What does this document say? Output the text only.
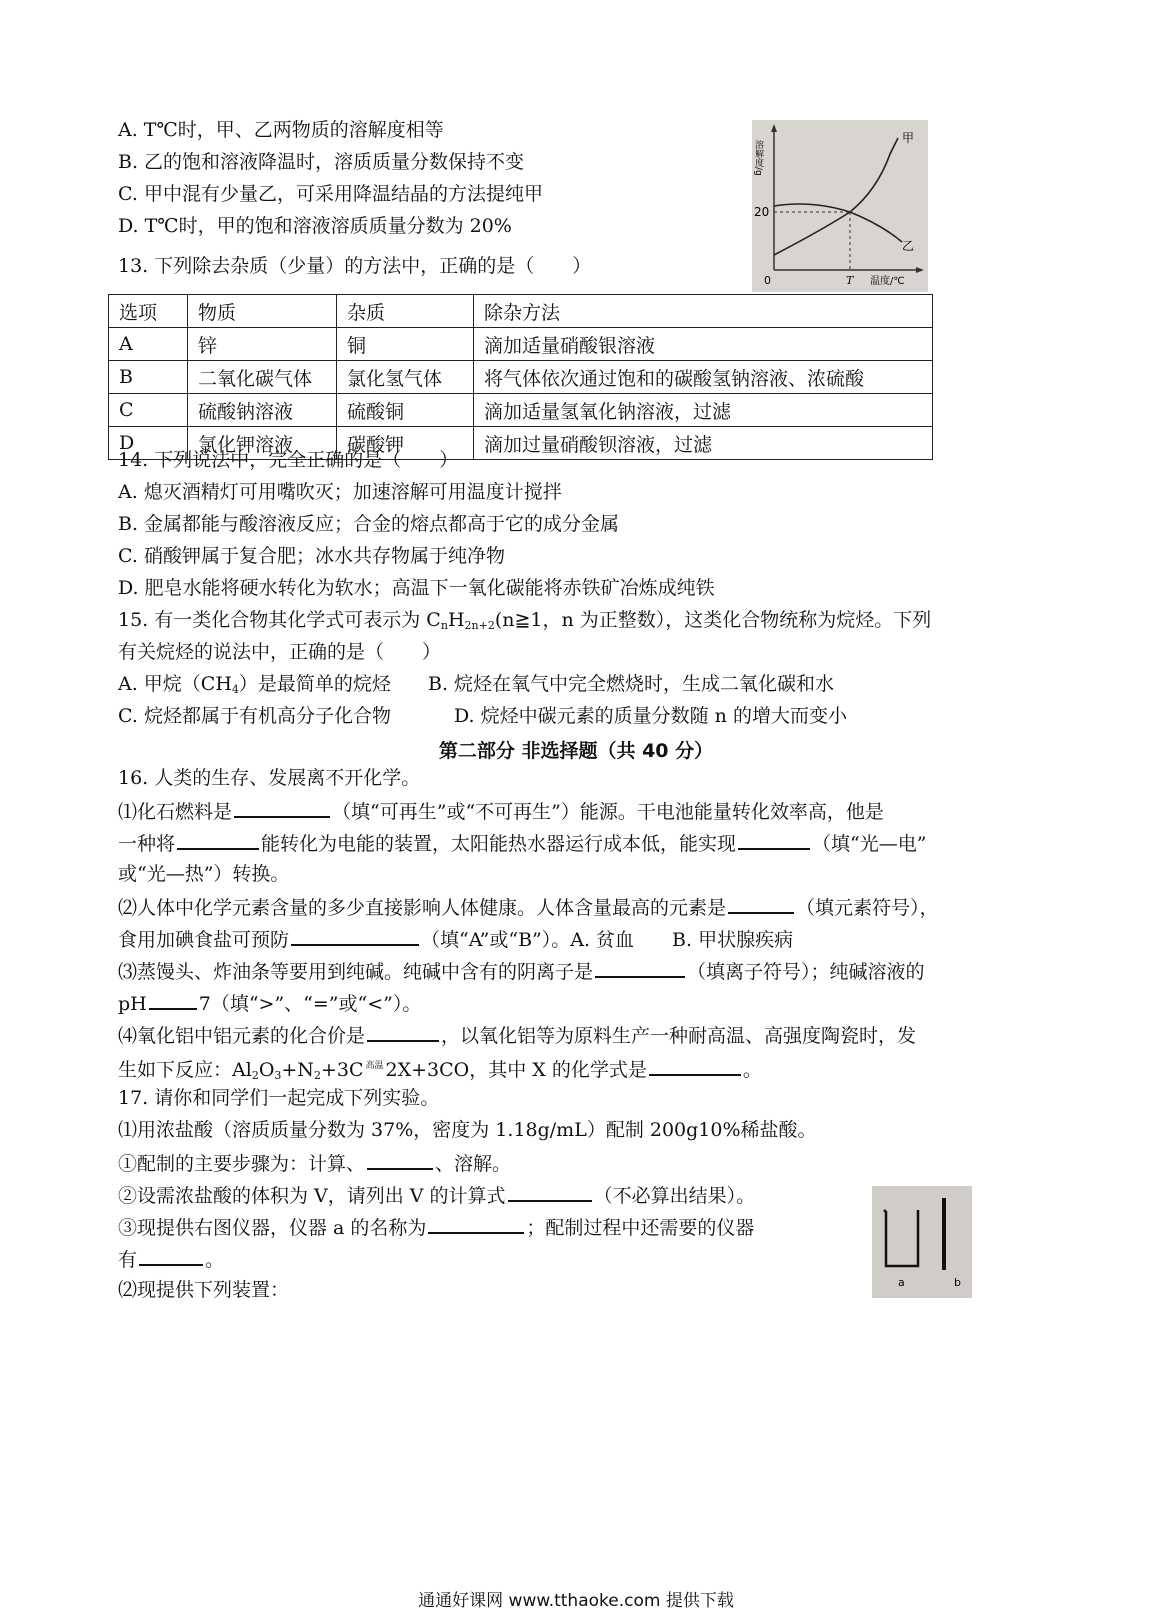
A. T℃时，甲、乙两物质的溶解度相等
B. 乙的饱和溶液降温时，溶质质量分数保持不变
C. 甲中混有少量乙，可采用降温结晶的方法提纯甲
D. T℃时，甲的饱和溶液溶质质量分数为 20%
溶解度/g
20
0	T 温度/℃
甲
乙
13. 下列除去杂质（少量）的方法中，正确的是（　　）
选项	物质	杂质	除杂方法
A	锌	铜	滴加适量硝酸银溶液
B	二氧化碳气体	氯化氢气体	将气体依次通过饱和的碳酸氢钠溶液、浓硫酸
C	硫酸钠溶液	硫酸铜	滴加适量氢氧化钠溶液，过滤
D	氯化钾溶液	碳酸钾	滴加过量硝酸钡溶液，过滤
14. 下列说法中，完全正确的是（　　）
A. 熄灭酒精灯可用嘴吹灭；加速溶解可用温度计搅拌
B. 金属都能与酸溶液反应；合金的熔点都高于它的成分金属
C. 硝酸钾属于复合肥；冰水共存物属于纯净物
D. 肥皂水能将硬水转化为软水；高温下一氧化碳能将赤铁矿冶炼成纯铁
15. 有一类化合物其化学式可表示为 $C_nH_{2n+2}(n≧1$，n 为正整数），这类化合物统称为烷烃。下列
有关烷烃的说法中，正确的是（　　）
A. 甲烷$(CH_4)$是最简单的烷烃 B. 烷烃在氧气中完全燃烧时，生成二氧化碳和水
C. 烷烃都属于有机高分子化合物	D. 烷烃中碳元素的质量分数随 n 的增大而变小
第二部分 非选择题（共 40 分）
16. 人类的生存、发展离不开化学。
⑴化石燃料是	（填“可再生”或“不可再生”）能源。干电池能量转化效率高，他是
一种将	能转化为电能的装置，太阳能热水器运行成本低，能实现	（填“光—电”
或“光—热”）转换。
⑵人体中化学元素含量的多少直接影响人体健康。人体含量最高的元素是	（填元素符号），
食用加碘食盐可预防	（填“A”或“B”）。A. 贫血　　B. 甲状腺疾病
⑶蒸馒头、炸油条等要用到纯碱。纯碱中含有的阴离子是	（填离子符号）；纯碱溶液的
pH	7（填“>”、“=”或“<”）。
⑷氧化铝中铝元素的化合价是	，以氧化铝等为原料生产一种耐高温、高强度陶瓷时，发
生如下反应：$Al_2O_3+N_2+3C$ $^{高温}$ 2X+3CO，其中 X 的化学式是	。
17. 请你和同学们一起完成下列实验。
⑴用浓盐酸（溶质质量分数为 37%，密度为 1.18g/mL）配制 200g10%稀盐酸。
①配制的主要步骤为：计算、	、溶解。
②设需浓盐酸的体积为 V，请列出 V 的计算式	（不必算出结果）。
③现提供右图仪器，仪器 a 的名称为	；配制过程中还需要的仪器
有	。
⑵现提供下列装置：	a	b
通通好课网 www.tthaoke.com 提供下载
